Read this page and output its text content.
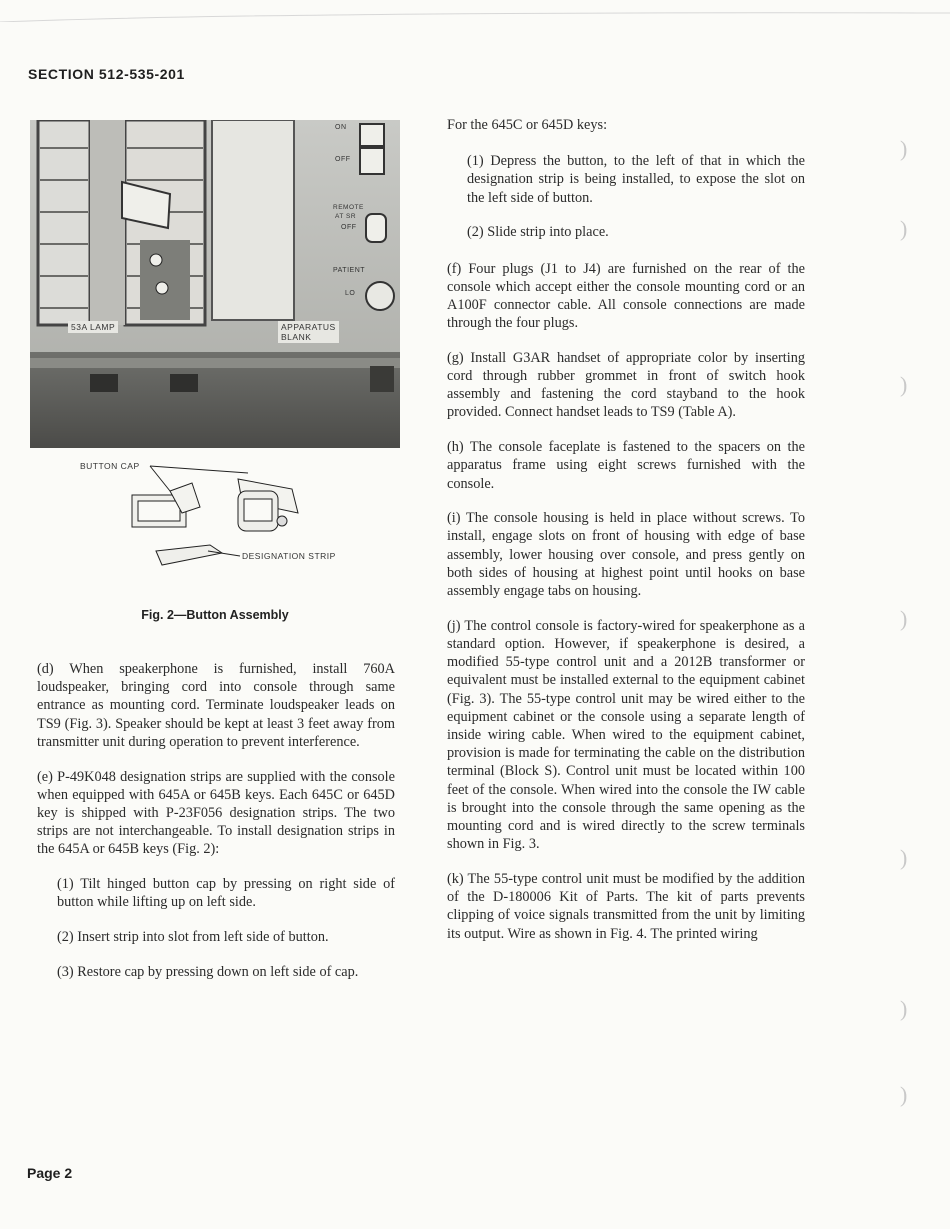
SECTION 512-535-201
ON
OFF
REMOTE
AT SR
OFF
PATIENT
LO
53A LAMP	APPARATUS
BLANK
BUTTON CAP
DESIGNATION STRIP
Fig. 2—Button Assembly

(d) When speakerphone is furnished, install 760A loudspeaker, bringing cord into console through same entrance as mounting cord. Terminate loudspeaker leads on TS9 (Fig. 3). Speaker should be kept at least 3 feet away from transmitter unit during operation to prevent interference.

(e) P-49K048 designation strips are supplied with the console when equipped with 645A or 645B keys. Each 645C or 645D key is shipped with P-23F056 designation strips. The two strips are not interchangeable. To install designation strips in the 645A or 645B keys (Fig. 2):

(1) Tilt hinged button cap by pressing on right side of button while lifting up on left side.

(2) Insert strip into slot from left side of button.

(3) Restore cap by pressing down on left side of cap.

For the 645C or 645D keys:

(1) Depress the button, to the left of that in which the designation strip is being installed, to expose the slot on the left side of button.

(2) Slide strip into place.

(f) Four plugs (J1 to J4) are furnished on the rear of the console which accept either the console mounting cord or an A100F connector cable. All console connections are made through the four plugs.

(g) Install G3AR handset of appropriate color by inserting cord through rubber grommet in front of switch hook assembly and fastening the cord stayband to the hook provided. Connect handset leads to TS9 (Table A).

(h) The console faceplate is fastened to the spacers on the apparatus frame using eight screws furnished with the console.

(i) The console housing is held in place without screws. To install, engage slots on front of housing with edge of base assembly, lower housing over console, and press gently on both sides of housing at highest point until hooks on base assembly engage tabs on housing.

(j) The control console is factory-wired for speakerphone as a standard option. However, if speakerphone is desired, a modified 55-type control unit and a 2012B transformer or equivalent must be installed external to the equipment cabinet (Fig. 3). The 55-type control unit may be wired either to the equipment cabinet or the console using a separate length of inside wiring cable. When wired to the equipment cabinet, provision is made for terminating the cable on the distribution terminal (Block S). Control unit must be located within 100 feet of the console. When wired into the console the IW cable is brought into the console through the same opening as the mounting cord and is wired directly to the screw terminals shown in Fig. 3.

(k) The 55-type control unit must be modified by the addition of the D-180006 Kit of Parts. The kit of parts prevents clipping of voice signals transmitted from the unit by limiting its output. Wire as shown in Fig. 4. The printed wiring

)
)
)
)
)
)
)
Page 2
